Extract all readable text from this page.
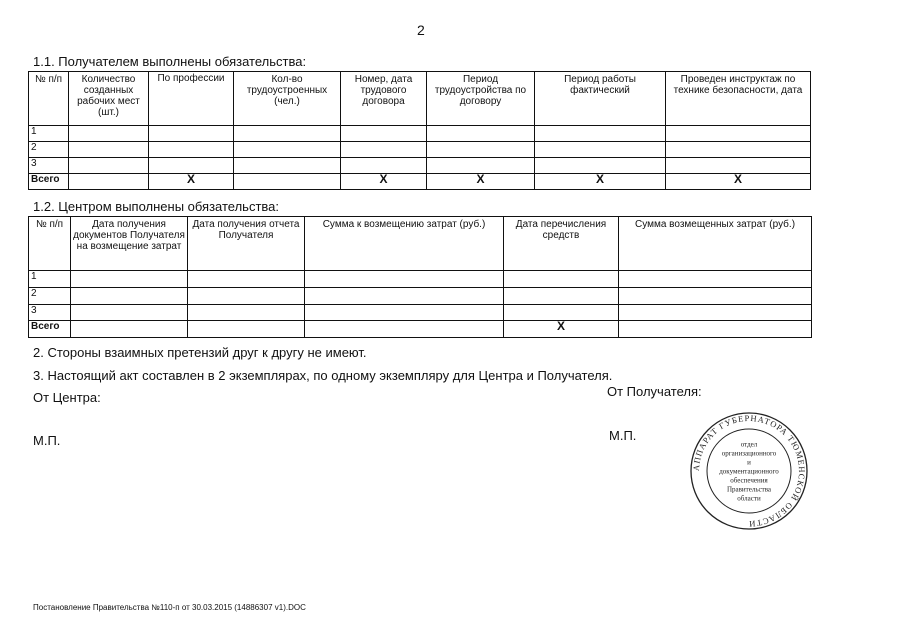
2
1.1. Получателем выполнены обязательства:
№ п/п	Количество созданных рабочих мест (шт.)	По профессии	Кол-во трудоустроенных (чел.)	Номер, дата трудового договора	Период трудоустройства по договору	Период работы фактический	Проведен инструктаж по технике безопасности, дата
1							
2							
3							
Всего		Х		Х	Х	Х	Х
1.2. Центром выполнены обязательства:
№ п/п	Дата получения документов Получателя на возмещение затрат	Дата получения отчета Получателя	Сумма к возмещению затрат (руб.)	Дата перечисления средств	Сумма возмещенных затрат (руб.)
1					
2					
3					
Всего				Х	
2. Стороны взаимных претензий друг к другу не имеют.
3. Настоящий акт составлен в 2 экземплярах, по одному экземпляру для Центра и Получателя.
От Центра:	От Получателя:
М.П.	М.П.
АППАРАТ ГУБЕРНАТОРА ТЮМЕНСКОЙ ОБЛАСТИ
отдел
организационного
и
документационного
обеспечения
Правительства
области
Постановление Правительства №110-п от 30.03.2015 (14886307 v1).DOC
